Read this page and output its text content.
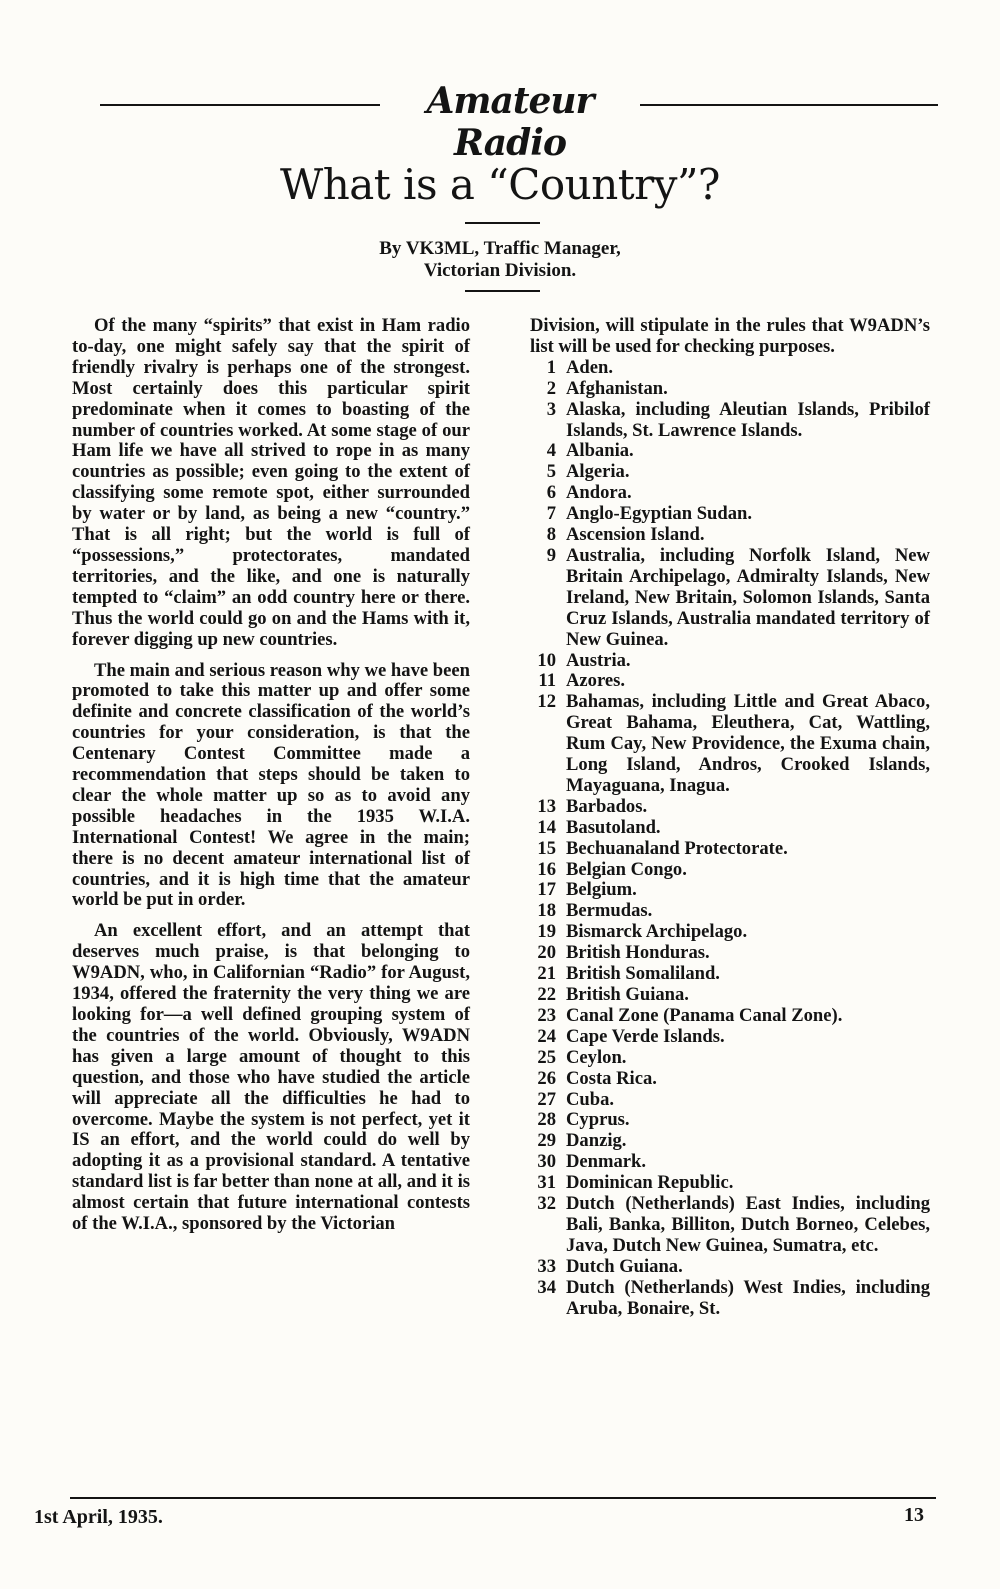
Amateur Radio
What is a “Country”?
By VK3ML, Traffic Manager,
Victorian Division.

Of the many “spirits” that exist in Ham radio to-day, one might safely say that the spirit of friendly rivalry is perhaps one of the strongest. Most certainly does this particular spirit predominate when it comes to boasting of the number of countries worked. At some stage of our Ham life we have all strived to rope in as many countries as possible; even going to the extent of classifying some remote spot, either surrounded by water or by land, as being a new “country.” That is all right; but the world is full of “possessions,” protectorates, mandated territories, and the like, and one is naturally tempted to “claim” an odd country here or there. Thus the world could go on and the Hams with it, forever digging up new countries.

The main and serious reason why we have been promoted to take this matter up and offer some definite and concrete classification of the world’s countries for your consideration, is that the Centenary Contest Committee made a recommendation that steps should be taken to clear the whole matter up so as to avoid any possible headaches in the 1935 W.I.A. International Contest! We agree in the main; there is no decent amateur international list of countries, and it is high time that the amateur world be put in order.

An excellent effort, and an attempt that deserves much praise, is that belonging to W9ADN, who, in Californian “Radio” for August, 1934, offered the fraternity the very thing we are looking for—a well defined grouping system of the countries of the world. Obviously, W9ADN has given a large amount of thought to this question, and those who have studied the article will appreciate all the difficulties he had to overcome. Maybe the system is not perfect, yet it IS an effort, and the world could do well by adopting it as a provisional standard. A tentative standard list is far better than none at all, and it is almost certain that future international contests of the W.I.A., sponsored by the Victorian

Division, will stipulate in the rules that W9ADN’s list will be used for checking purposes.

1 Aden.
2 Afghanistan.
3 Alaska, including Aleutian Islands, Pribilof Islands, St. Lawrence Islands.
4 Albania.
5 Algeria.
6 Andora.
7 Anglo-Egyptian Sudan.
8 Ascension Island.
9 Australia, including Norfolk Island, New Britain Archipelago, Admiralty Islands, New Ireland, New Britain, Solomon Islands, Santa Cruz Islands, Australia mandated territory of New Guinea.
10 Austria.
11 Azores.
12 Bahamas, including Little and Great Abaco, Great Bahama, Eleuthera, Cat, Wattling, Rum Cay, New Providence, the Exuma chain, Long Island, Andros, Crooked Islands, Mayaguana, Inagua.
13 Barbados.
14 Basutoland.
15 Bechuanaland Protectorate.
16 Belgian Congo.
17 Belgium.
18 Bermudas.
19 Bismarck Archipelago.
20 British Honduras.
21 British Somaliland.
22 British Guiana.
23 Canal Zone (Panama Canal Zone).
24 Cape Verde Islands.
25 Ceylon.
26 Costa Rica.
27 Cuba.
28 Cyprus.
29 Danzig.
30 Denmark.
31 Dominican Republic.
32 Dutch (Netherlands) East Indies, including Bali, Banka, Billiton, Dutch Borneo, Celebes, Java, Dutch New Guinea, Sumatra, etc.
33 Dutch Guiana.
34 Dutch (Netherlands) West Indies, including Aruba, Bonaire, St.
1st April, 1935.	13
